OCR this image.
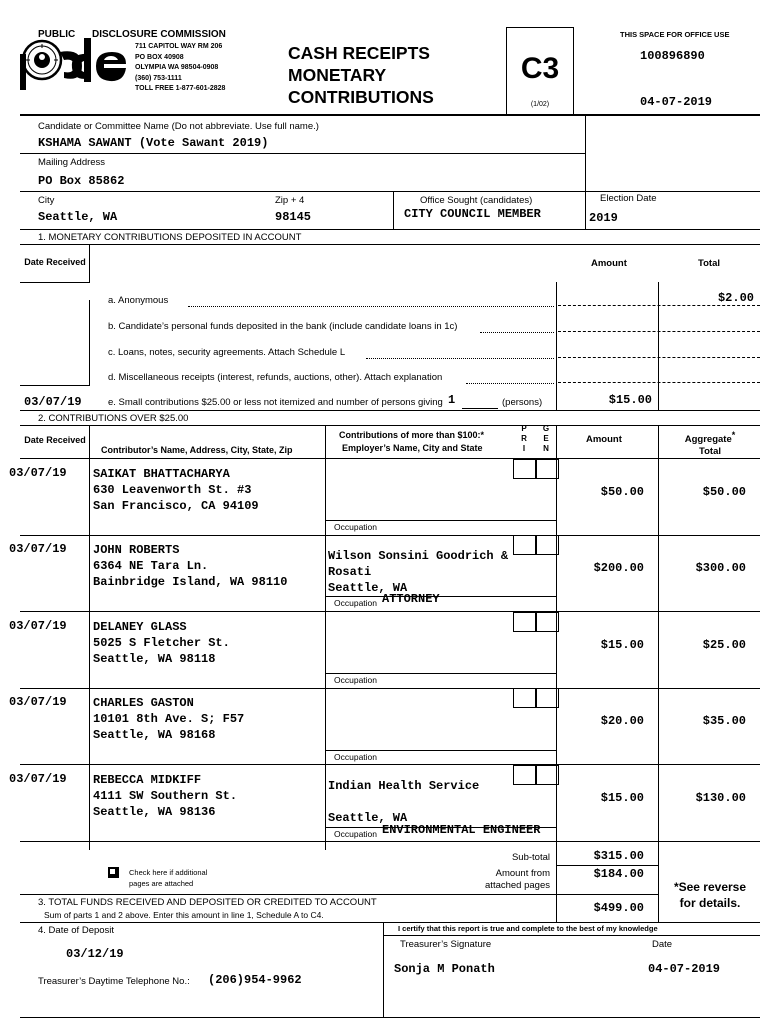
PUBLIC DISCLOSURE COMMISSION
711 CAPITOL WAY RM 206
PO BOX 40908
OLYMPIA WA 98504-0908
(360) 753-1111
TOLL FREE 1-877-601-2828
CASH RECEIPTS
MONETARY
CONTRIBUTIONS
C3
(1/02)
THIS SPACE FOR OFFICE USE
100896890
04-07-2019
Candidate or Committee Name (Do not abbreviate. Use full name.)
KSHAMA SAWANT (Vote Sawant 2019)
Mailing Address
PO Box 85862
City
Seattle, WA
Zip + 4
98145
Office Sought (candidates)
CITY COUNCIL MEMBER
Election Date
2019
1. MONETARY CONTRIBUTIONS DEPOSITED IN ACCOUNT
Date Received	Amount	Total
a. Anonymous	$2.00
b. Candidate’s personal funds deposited in the bank (include candidate loans in 1c)
c. Loans, notes, security agreements. Attach Schedule L
d. Miscellaneous receipts (interest, refunds, auctions, other). Attach explanation
03/07/19	e. Small contributions $25.00 or less not itemized and number of persons giving 1	(persons)	$15.00
2. CONTRIBUTIONS OVER $25.00
Date Received
Contributor’s Name, Address, City, State, Zip
Contributions of more than $100:*
Employer’s Name, City and State
P
R
I
G
E
N
Amount	Aggregate*
Total
03/07/19 SAIKAT BHATTACHARYA
630 Leavenworth St. #3
San Francisco, CA 94109
Occupation
$50.00	$50.00
03/07/19 JOHN ROBERTS
6364 NE Tara Ln.
Bainbridge Island, WA 98110
Wilson Sonsini Goodrich &
Rosati
Seattle, WA
Occupation ATTORNEY
$200.00	$300.00
03/07/19 DELANEY GLASS
5025 S Fletcher St.
Seattle, WA 98118
Occupation
$15.00	$25.00
03/07/19 CHARLES GASTON
10101 8th Ave. S; F57
Seattle, WA 98168
Occupation
$20.00	$35.00
03/07/19 REBECCA MIDKIFF
4111 SW Southern St.
Seattle, WA 98136
Indian Health Service
Seattle, WA
Occupation ENVIRONMENTAL ENGINEER
$15.00	$130.00
Check here if additional
pages are attached
Sub-total	$315.00
Amount from
attached pages
$184.00
3. TOTAL FUNDS RECEIVED AND DEPOSITED OR CREDITED TO ACCOUNT
Sum of parts 1 and 2 above. Enter this amount in line 1, Schedule A to C4.	$499.00
*See reverse
for details.
4. Date of Deposit
03/12/19
I certify that this report is true and complete to the best of my knowledge
Treasurer’s Signature	Date
Sonja M Ponath	04-07-2019
Treasurer’s Daytime Telephone No.: (206)954-9962
